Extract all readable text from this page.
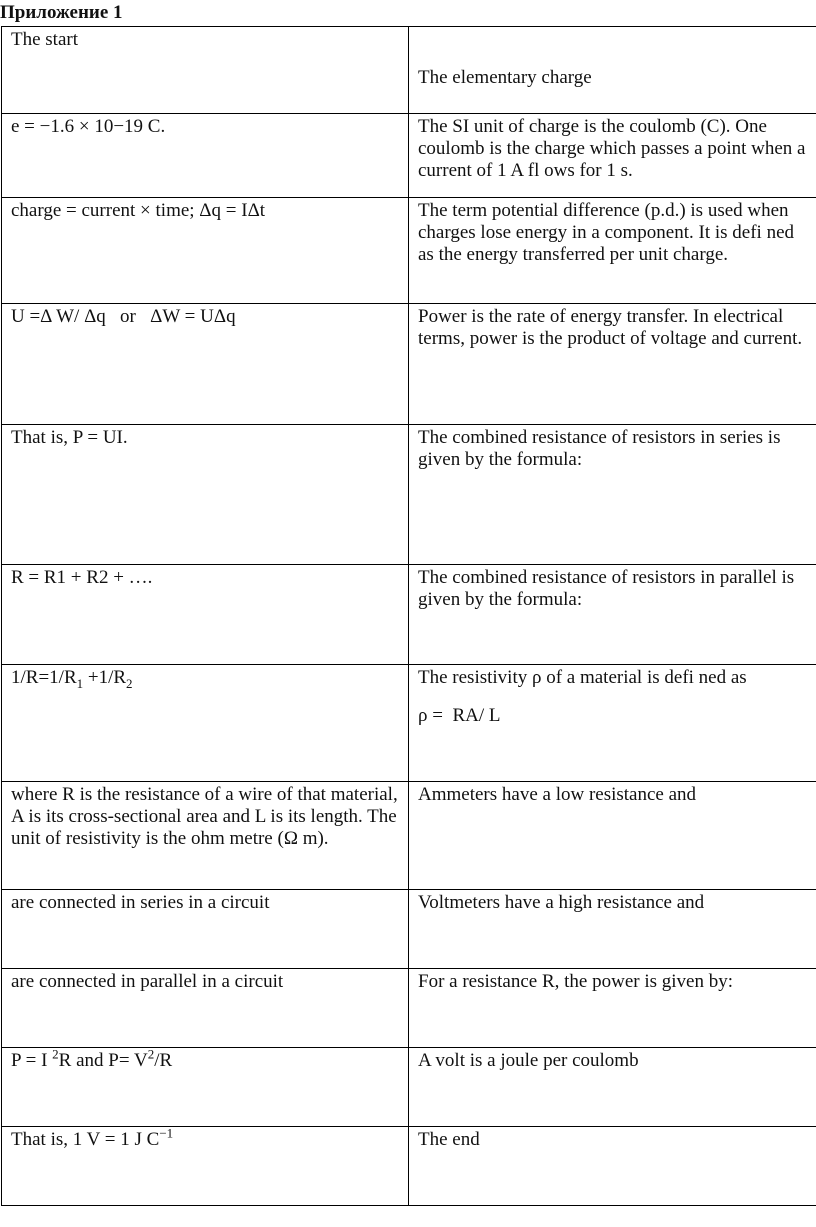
Приложение 1
The start	The elementary charge

e = −1.6 × 10−19 C.	The SI unit of charge is the coulomb (C). One coulomb is the charge which passes a point when a current of 1 A fl ows for 1 s.
charge = current × time; Δq = IΔt	The term potential difference (p.d.) is used when charges lose energy in a component. It is defi ned as the energy transferred per unit charge.
U =Δ W/ Δq   or   ΔW = UΔq	Power is the rate of energy transfer. In electrical terms, power is the product of voltage and current.
That is, P = UI.	The combined resistance of resistors in series is given by the formula:
R = R1 + R2 + ….	The combined resistance of resistors in parallel is given by the formula:
$1/R=1/R_1 +1/R_2$	The resistivity ρ of a material is defi ned as
ρ =  RA/ L

where R is the resistance of a wire of that material, A is its cross-sectional area and L is its length. The unit of resistivity is the ohm metre (Ω m).	Ammeters have a low resistance and
are connected in series in a circuit	Voltmeters have a high resistance and
are connected in parallel in a circuit	For a resistance R, the power is given by:
P = I $^2$R and $P= V^2/R$	A volt is a joule per coulomb
That is, 1 V = 1 J $C^{-1}$	The end
